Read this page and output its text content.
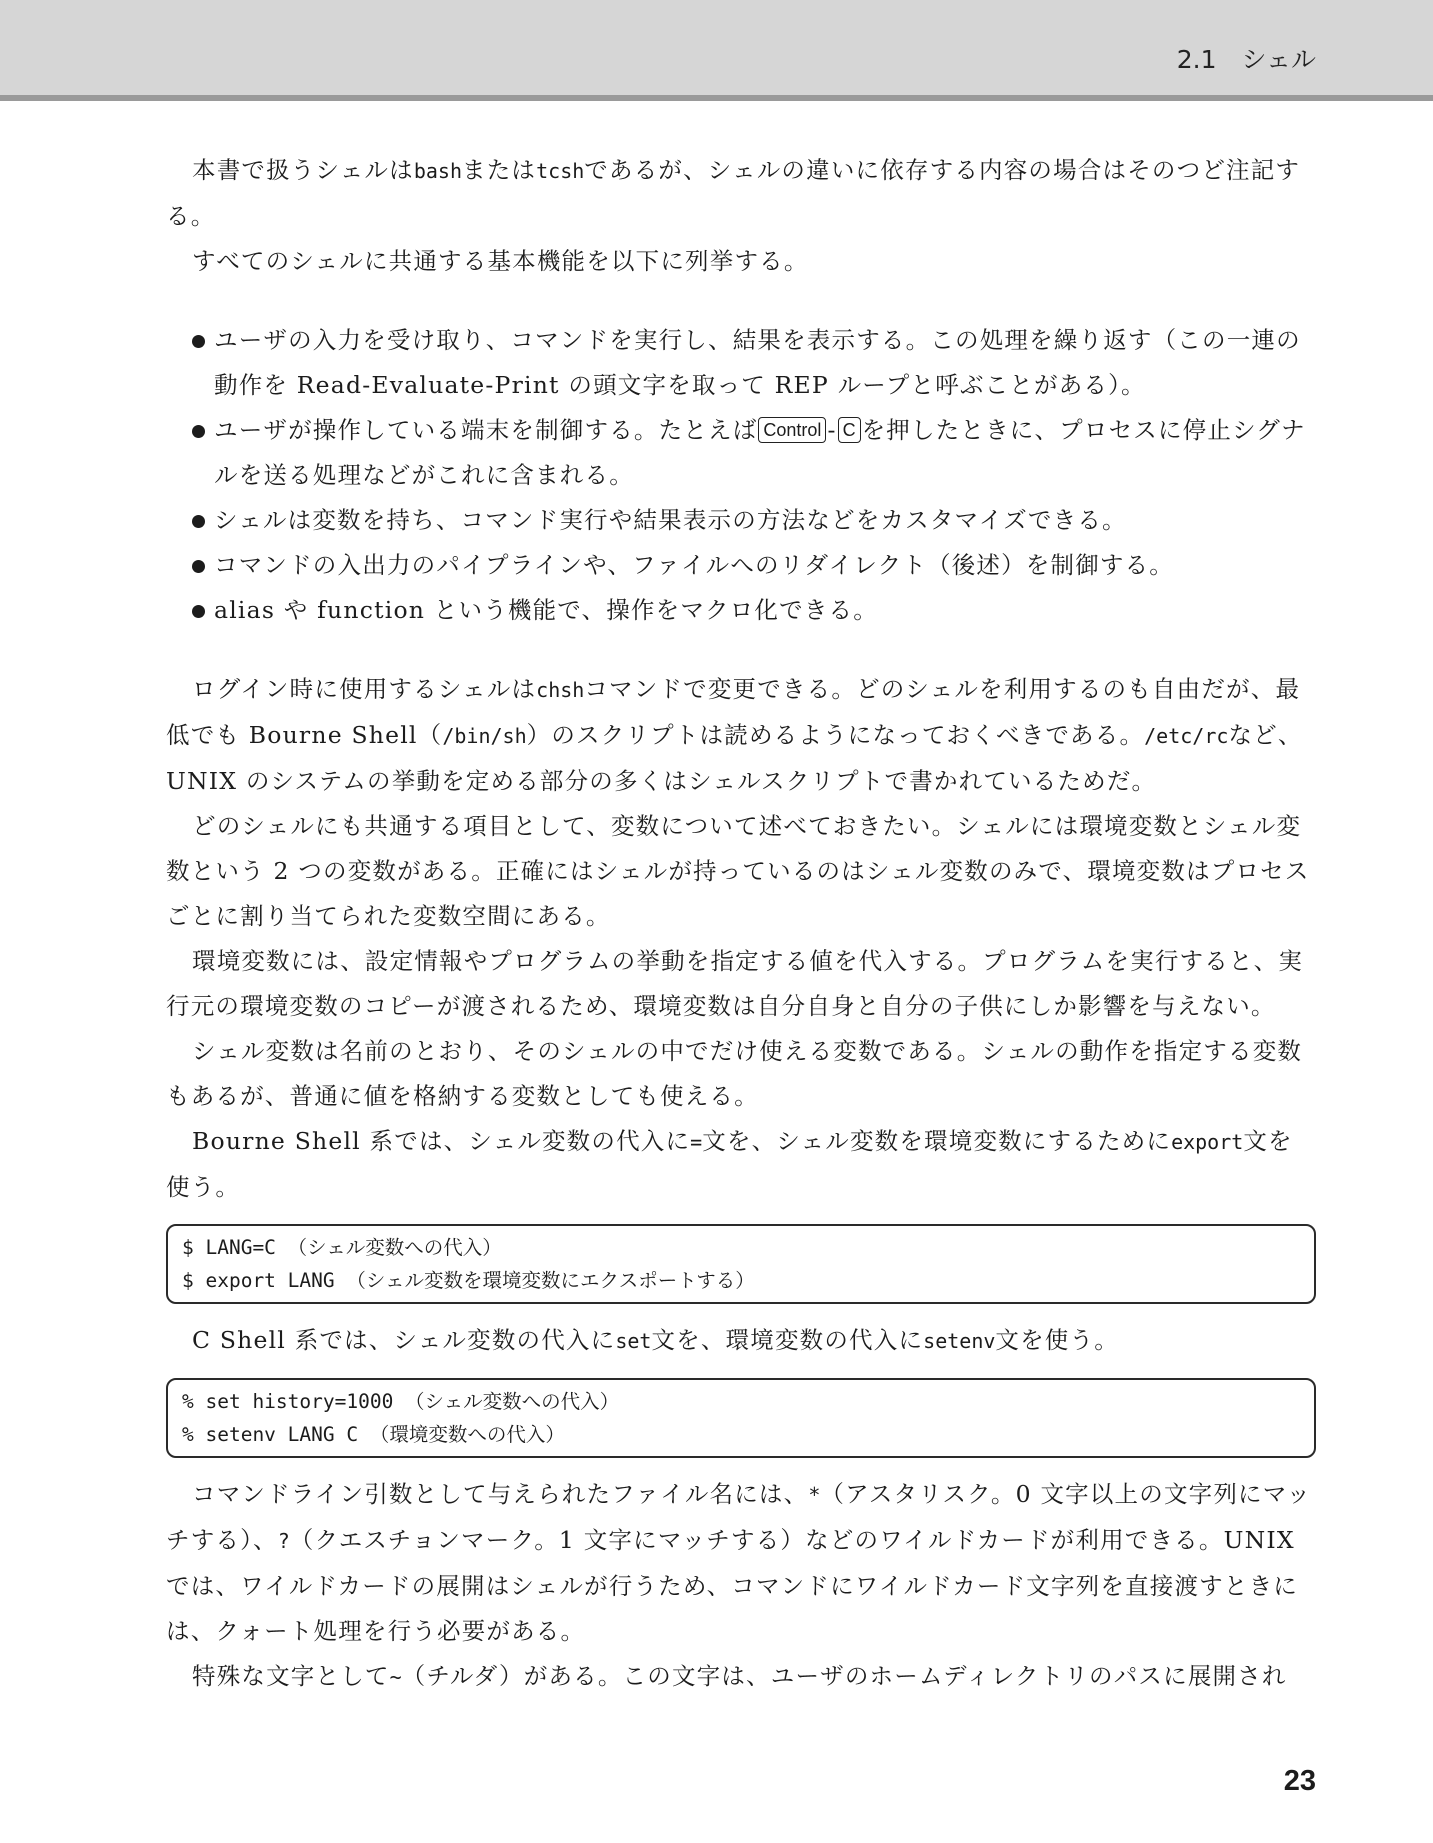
2.1　シェル

本書で扱うシェルはbashまたはtcshであるが、シェルの違いに依存する内容の場合はそのつど注記する。

すべてのシェルに共通する基本機能を以下に列挙する。

ユーザの入力を受け取り、コマンドを実行し、結果を表示する。この処理を繰り返す（この一連の動作を Read-Evaluate-Print の頭文字を取って REP ループと呼ぶことがある）。
ユーザが操作している端末を制御する。たとえば Control - C を押したときに、プロセスに停止シグナルを送る処理などがこれに含まれる。
シェルは変数を持ち、コマンド実行や結果表示の方法などをカスタマイズできる。
コマンドの入出力のパイプラインや、ファイルへのリダイレクト（後述）を制御する。
alias や function という機能で、操作をマクロ化できる。

ログイン時に使用するシェルはchshコマンドで変更できる。どのシェルを利用するのも自由だが、最低でも Bourne Shell（/bin/sh）のスクリプトは読めるようになっておくべきである。/etc/rcなど、UNIX のシステムの挙動を定める部分の多くはシェルスクリプトで書かれているためだ。

どのシェルにも共通する項目として、変数について述べておきたい。シェルには環境変数とシェル変数という 2 つの変数がある。正確にはシェルが持っているのはシェル変数のみで、環境変数はプロセスごとに割り当てられた変数空間にある。

環境変数には、設定情報やプログラムの挙動を指定する値を代入する。プログラムを実行すると、実行元の環境変数のコピーが渡されるため、環境変数は自分自身と自分の子供にしか影響を与えない。

シェル変数は名前のとおり、そのシェルの中でだけ使える変数である。シェルの動作を指定する変数もあるが、普通に値を格納する変数としても使える。

Bourne Shell 系では、シェル変数の代入に=文を、シェル変数を環境変数にするためにexport文を使う。

$ LANG=C （シェル変数への代入）
$ export LANG （シェル変数を環境変数にエクスポートする）

C Shell 系では、シェル変数の代入にset文を、環境変数の代入にsetenv文を使う。

% set history=1000 （シェル変数への代入）
% setenv LANG C （環境変数への代入）

コマンドライン引数として与えられたファイル名には、*（アスタリスク。0 文字以上の文字列にマッチする）、?（クエスチョンマーク。1 文字にマッチする）などのワイルドカードが利用できる。UNIX では、ワイルドカードの展開はシェルが行うため、コマンドにワイルドカード文字列を直接渡すときには、クォート処理を行う必要がある。

特殊な文字として~（チルダ）がある。この文字は、ユーザのホームディレクトリのパスに展開され

23
